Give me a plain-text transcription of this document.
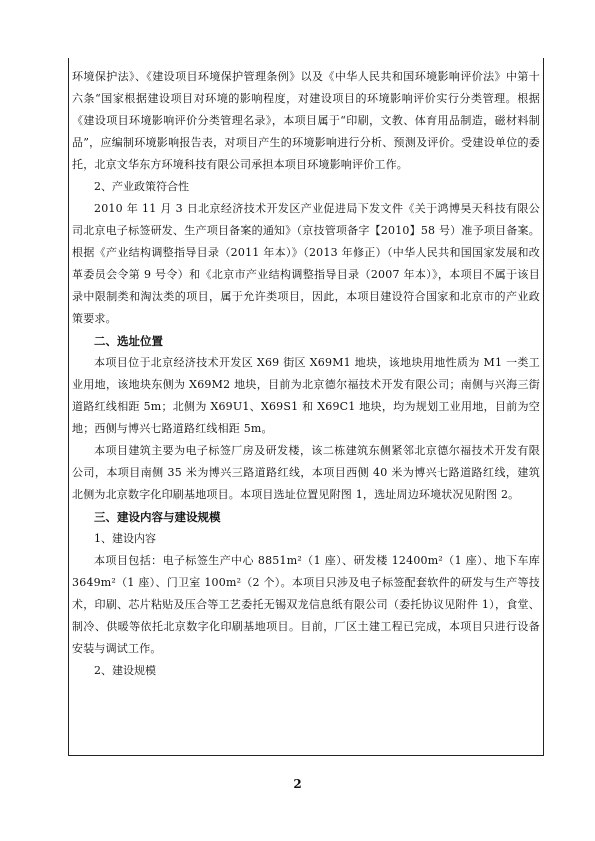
环境保护法》、《建设项目环境保护管理条例》以及《中华人民共和国环境影响评价法》中第十六条“国家根据建设项目对环境的影响程度，对建设项目的环境影响评价实行分类管理。根据《建设项目环境影响评价分类管理名录》，本项目属于“印刷，文教、体育用品制造，磁材料制品”，应编制环境影响报告表，对项目产生的环境影响进行分析、预测及评价。受建设单位的委托，北京文华东方环境科技有限公司承担本项目环境影响评价工作。

2、产业政策符合性

2010 年 11 月 3 日北京经济技术开发区产业促进局下发文件《关于鸿博昊天科技有限公司北京电子标签研发、生产项目备案的通知》（京技管项备字【2010】58 号）准予项目备案。根据《产业结构调整指导目录（2011 年本）》（2013 年修正）（中华人民共和国国家发展和改革委员会令第 9 号令）和《北京市产业结构调整指导目录（2007 年本）》，本项目不属于该目录中限制类和淘汰类的项目，属于允许类项目，因此，本项目建设符合国家和北京市的产业政策要求。

二、选址位置

本项目位于北京经济技术开发区 X69 街区 X69M1 地块，该地块用地性质为 M1 一类工业用地，该地块东侧为 X69M2 地块，目前为北京德尔福技术开发有限公司；南侧与兴海三街道路红线相距 5m；北侧为 X69U1、X69S1 和 X69C1 地块，均为规划工业用地，目前为空地；西侧与博兴七路道路红线相距 5m。

本项目建筑主要为电子标签厂房及研发楼，该二栋建筑东侧紧邻北京德尔福技术开发有限公司，本项目南侧 35 米为博兴三路道路红线，本项目西侧 40 米为博兴七路道路红线，建筑北侧为北京数字化印刷基地项目。本项目选址位置见附图 1，选址周边环境状况见附图 2。

三、建设内容与建设规模

1、建设内容

本项目包括：电子标签生产中心 8851m²（1 座）、研发楼 12400m²（1 座）、地下车库 3649m²（1 座）、门卫室 100m²（2 个）。本项目只涉及电子标签配套软件的研发与生产等技术，印刷、芯片粘贴及压合等工艺委托无锡双龙信息纸有限公司（委托协议见附件 1），食堂、制冷、供暖等依托北京数字化印刷基地项目。目前，厂区土建工程已完成，本项目只进行设备安装与调试工作。

2、建设规模

2
